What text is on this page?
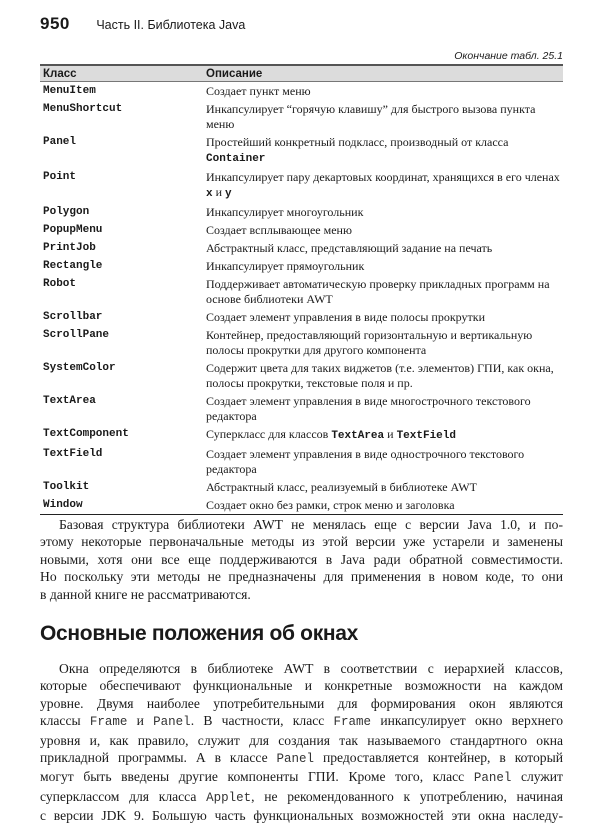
950 Часть II. Библиотека Java
Окончание табл. 25.1
Класс	Описание
MenuItem	Создает пункт меню
MenuShortcut	Инкапсулирует “горячую клавишу” для быстрого вызова пункта меню
Panel	Простейший конкретный подкласс, производный от класса Container
Point	Инкапсулирует пару декартовых координат, хранящихся в его членах x и y
Polygon	Инкапсулирует многоугольник
PopupMenu	Создает всплывающее меню
PrintJob	Абстрактный класс, представляющий задание на печать
Rectangle	Инкапсулирует прямоугольник
Robot	Поддерживает автоматическую проверку прикладных программ на основе библиотеки AWT
Scrollbar	Создает элемент управления в виде полосы прокрутки
ScrollPane	Контейнер, предоставляющий горизонтальную и вертикальную полосы прокрутки для другого компонента
SystemColor	Содержит цвета для таких виджетов (т.е. элементов) ГПИ, как окна, полосы прокрутки, текстовые поля и пр.
TextArea	Создает элемент управления в виде многострочного текстового редактора
TextComponent	Суперкласс для классов TextArea и TextField
TextField	Создает элемент управления в виде однострочного текстового редактора
Toolkit	Абстрактный класс, реализуемый в библиотеке AWT
Window	Создает окно без рамки, строк меню и заголовка
Базовая структура библиотеки AWT не менялась еще с версии Java 1.0, и по-
этому некоторые первоначальные методы из этой версии уже устарели и заменены
новыми, хотя они все еще поддерживаются в Java ради обратной совместимости.
Но поскольку эти методы не предназначены для применения в новом коде, то они
в данной книге не рассматриваются.
Основные положения об окнах
Окна определяются в библиотеке AWT в соответствии с иерархией классов,
которые обеспечивают функциональные и конкретные возможности на каждом
уровне. Двумя наиболее употребительными для формирования окон являются
классы Frame и Panel. В частности, класс Frame инкапсулирует окно верхнего
уровня и, как правило, служит для создания так называемого стандартного окна
прикладной программы. А в классе Panel предоставляется контейнер, в который
могут быть введены другие компоненты ГПИ. Кроме того, класс Panel служит
суперклассом для класса Applet, не рекомендованного к употреблению, начиная
с версии JDK 9. Большую часть функциональных возможностей эти окна наследу-
